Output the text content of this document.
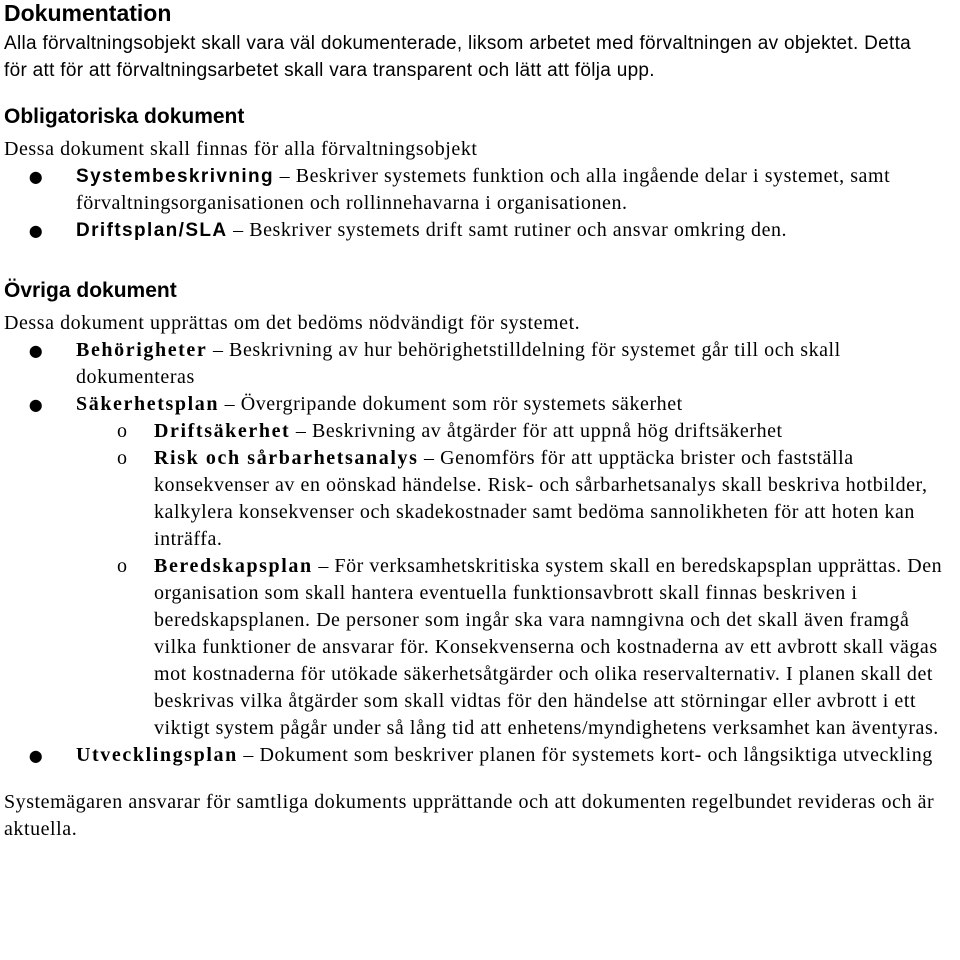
Dokumentation

Alla förvaltningsobjekt skall vara väl dokumenterade, liksom arbetet med förvaltningen av objektet. Detta för att för att förvaltningsarbetet skall vara transparent och lätt att följa upp.

Obligatoriska dokument

Dessa dokument skall finnas för alla förvaltningsobjekt

● Systembeskrivning – Beskriver systemets funktion och alla ingående delar i systemet, samt förvaltningsorganisationen och rollinnehavarna i organisationen.
● Driftsplan/SLA – Beskriver systemets drift samt rutiner och ansvar omkring den.
Övriga dokument

Dessa dokument upprättas om det bedöms nödvändigt för systemet.

● Behörigheter – Beskrivning av hur behörighetstilldelning för systemet går till och skall dokumenteras
● Säkerhetsplan – Övergripande dokument som rör systemets säkerhet
o Driftsäkerhet – Beskrivning av åtgärder för att uppnå hög driftsäkerhet
o Risk och sårbarhetsanalys – Genomförs för att upptäcka brister och fastställa konsekvenser av en oönskad händelse. Risk- och sårbarhetsanalys skall beskriva hotbilder, kalkylera konsekvenser och skadekostnader samt bedöma sannolikheten för att hoten kan inträffa.
o Beredskapsplan – För verksamhetskritiska system skall en beredskapsplan upprättas. Den organisation som skall hantera eventuella funktionsavbrott skall finnas beskriven i beredskapsplanen. De personer som ingår ska vara namngivna och det skall även framgå vilka funktioner de ansvarar för. Konsekvenserna och kostnaderna av ett avbrott skall vägas mot kostnaderna för utökade säkerhetsåtgärder och olika reservalternativ. I planen skall det beskrivas vilka åtgärder som skall vidtas för den händelse att störningar eller avbrott i ett viktigt system pågår under så lång tid att enhetens/myndighetens verksamhet kan äventyras.
● Utvecklingsplan – Dokument som beskriver planen för systemets kort- och långsiktiga utveckling

Systemägaren ansvarar för samtliga dokuments upprättande och att dokumenten regelbundet revideras och är aktuella.
